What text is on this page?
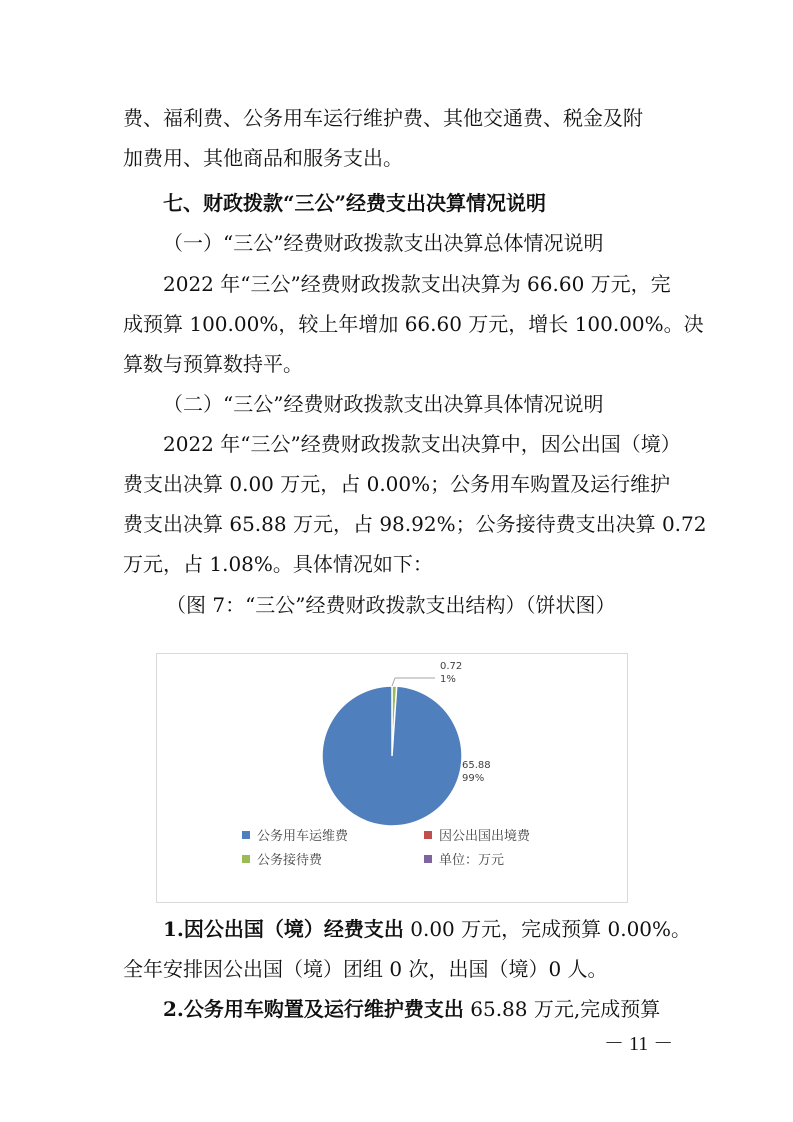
费、福利费、公务用车运行维护费、其他交通费、税金及附
加费用、其他商品和服务支出。
七、财政拨款“三公”经费支出决算情况说明
（一）“三公”经费财政拨款支出决算总体情况说明
2022 年“三公”经费财政拨款支出决算为 66.60 万元，完
成预算 100.00%，较上年增加 66.60 万元，增长 100.00%。决
算数与预算数持平。
（二）“三公”经费财政拨款支出决算具体情况说明
2022 年“三公”经费财政拨款支出决算中，因公出国（境）
费支出决算 0.00 万元，占 0.00%；公务用车购置及运行维护
费支出决算 65.88 万元，占 98.92%；公务接待费支出决算 0.72
万元，占 1.08%。具体情况如下：
（图 7：“三公”经费财政拨款支出结构）（饼状图）
0.72
1%
65.88
99%
公务用车运维费	因公出国出境费
公务接待费	单位：万元
1.因公出国（境）经费支出 0.00 万元，完成预算 0.00%。
全年安排因公出国（境）团组 0 次，出国（境）0 人。
2.公务用车购置及运行维护费支出 65.88 万元,完成预算
－ 11 －
